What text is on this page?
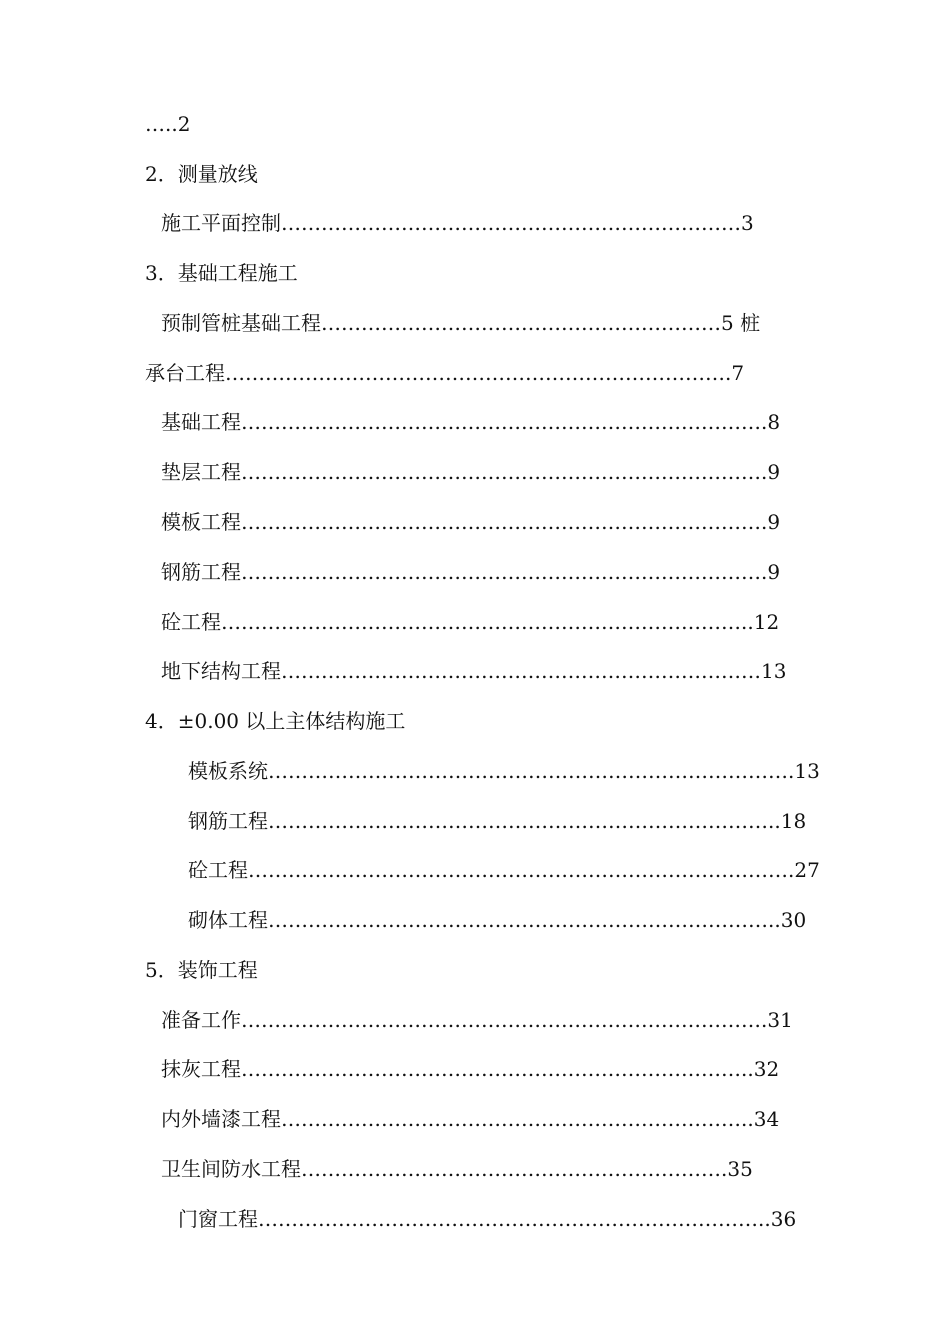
…..2
2．测量放线
施工平面控制……………………………………………………………3
3．基础工程施工
预制管桩基础工程……………………………………………………5 桩
承台工程………………………………………………………………….7
基础工程…………………………………………………………………….8
垫层工程…………………………………………………………………….9
模板工程…………………………………………………………………….9
钢筋工程…………………………………………………………………….9
砼工程……………………………………………………………………..12
地下结构工程………………………………………………………………13
4．±0.00 以上主体结构施工
模板系统…………………………………………………………………….13
钢筋工程…………………………………………………………………..18
砼工程……………………………………………………………………….27
砌体工程…………………………………………………………………..30
5．装饰工程
准备工作…………………………………………………………………….31
抹灰工程…………………………………………………………………..32
内外墙漆工程……………………………………………………………..34
卫生间防水工程……………………………………………………….35
门窗工程…………………………………………………………………..36
